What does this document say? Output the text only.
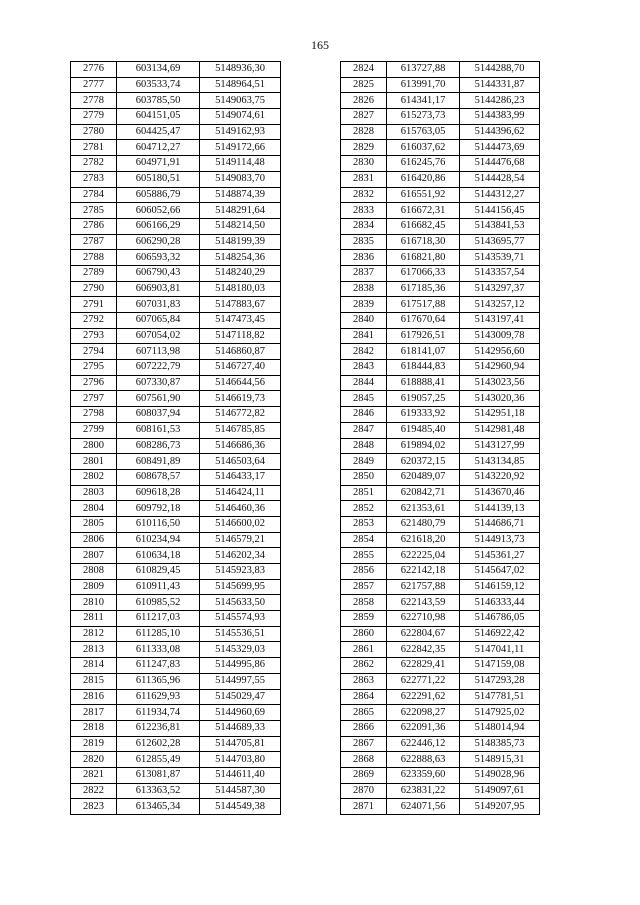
165
2776	603134,69	5148936,30
2777	603533,74	5148964,51
2778	603785,50	5149063,75
2779	604151,05	5149074,61
2780	604425,47	5149162,93
2781	604712,27	5149172,66
2782	604971,91	5149114,48
2783	605180,51	5149083,70
2784	605886,79	5148874,39
2785	606052,66	5148291,64
2786	606166,29	5148214,50
2787	606290,28	5148199,39
2788	606593,32	5148254,36
2789	606790,43	5148240,29
2790	606903,81	5148180,03
2791	607031,83	5147883,67
2792	607065,84	5147473,45
2793	607054,02	5147118,82
2794	607113,98	5146860,87
2795	607222,79	5146727,40
2796	607330,87	5146644,56
2797	607561,90	5146619,73
2798	608037,94	5146772,82
2799	608161,53	5146785,85
2800	608286,73	5146686,36
2801	608491,89	5146503,64
2802	608678,57	5146433,17
2803	609618,28	5146424,11
2804	609792,18	5146460,36
2805	610116,50	5146600,02
2806	610234,94	5146579,21
2807	610634,18	5146202,34
2808	610829,45	5145923,83
2809	610911,43	5145699,95
2810	610985,52	5145633,50
2811	611217,03	5145574,93
2812	611285,10	5145536,51
2813	611333,08	5145329,03
2814	611247,83	5144995,86
2815	611365,96	5144997,55
2816	611629,93	5145029,47
2817	611934,74	5144960,69
2818	612236,81	5144689,33
2819	612602,28	5144705,81
2820	612855,49	5144703,80
2821	613081,87	5144611,40
2822	613363,52	5144587,30
2823	613465,34	5144549,38
2824	613727,88	5144288,70
2825	613991,70	5144331,87
2826	614341,17	5144286,23
2827	615273,73	5144383,99
2828	615763,05	5144396,62
2829	616037,62	5144473,69
2830	616245,76	5144476,68
2831	616420,86	5144428,54
2832	616551,92	5144312,27
2833	616672,31	5144156,45
2834	616682,45	5143841,53
2835	616718,30	5143695,77
2836	616821,80	5143539,71
2837	617066,33	5143357,54
2838	617185,36	5143297,37
2839	617517,88	5143257,12
2840	617670,64	5143197,41
2841	617926,51	5143009,78
2842	618141,07	5142956,60
2843	618444,83	5142960,94
2844	618888,41	5143023,56
2845	619057,25	5143020,36
2846	619333,92	5142951,18
2847	619485,40	5142981,48
2848	619894,02	5143127,99
2849	620372,15	5143134,85
2850	620489,07	5143220,92
2851	620842,71	5143670,46
2852	621353,61	5144139,13
2853	621480,79	5144686,71
2854	621618,20	5144913,73
2855	622225,04	5145361,27
2856	622142,18	5145647,02
2857	621757,88	5146159,12
2858	622143,59	5146333,44
2859	622710,98	5146786,05
2860	622804,67	5146922,42
2861	622842,35	5147041,11
2862	622829,41	5147159,08
2863	622771,22	5147293,28
2864	622291,62	5147781,51
2865	622098,27	5147925,02
2866	622091,36	5148014,94
2867	622446,12	5148385,73
2868	622888,63	5148915,31
2869	623359,60	5149028,96
2870	623831,22	5149097,61
2871	624071,56	5149207,95
